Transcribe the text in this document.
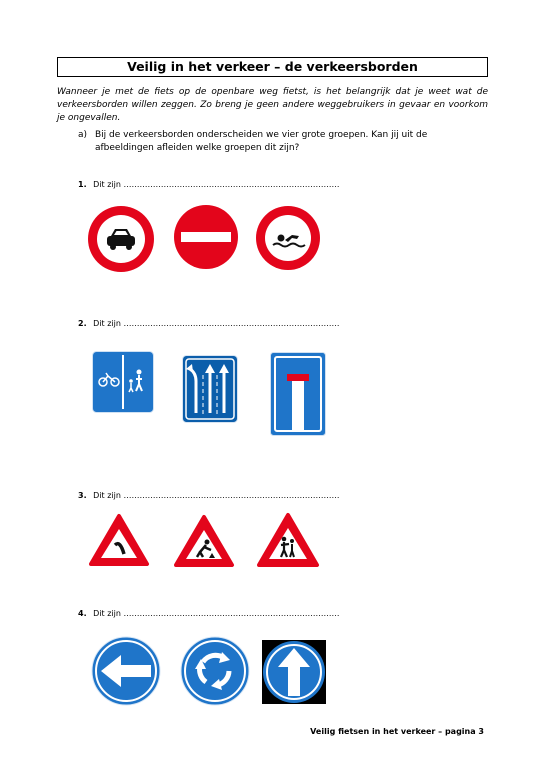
Veilig in het verkeer – de verkeersborden
Wanneer je met de fiets op de openbare weg fietst, is het belangrijk dat je weet wat de verkeersborden willen zeggen. Zo breng je geen andere weggebruikers in gevaar en voorkom je ongevallen.
a) Bij de verkeersborden onderscheiden we vier grote groepen. Kan jij uit de afbeeldingen afleiden welke groepen dit zijn?
1. Dit zijn ………………………………………………………………………
2. Dit zijn ………………………………………………………………………
3. Dit zijn ………………………………………………………………………
4. Dit zijn ………………………………………………………………………
Veilig fietsen in het verkeer – pagina 3
